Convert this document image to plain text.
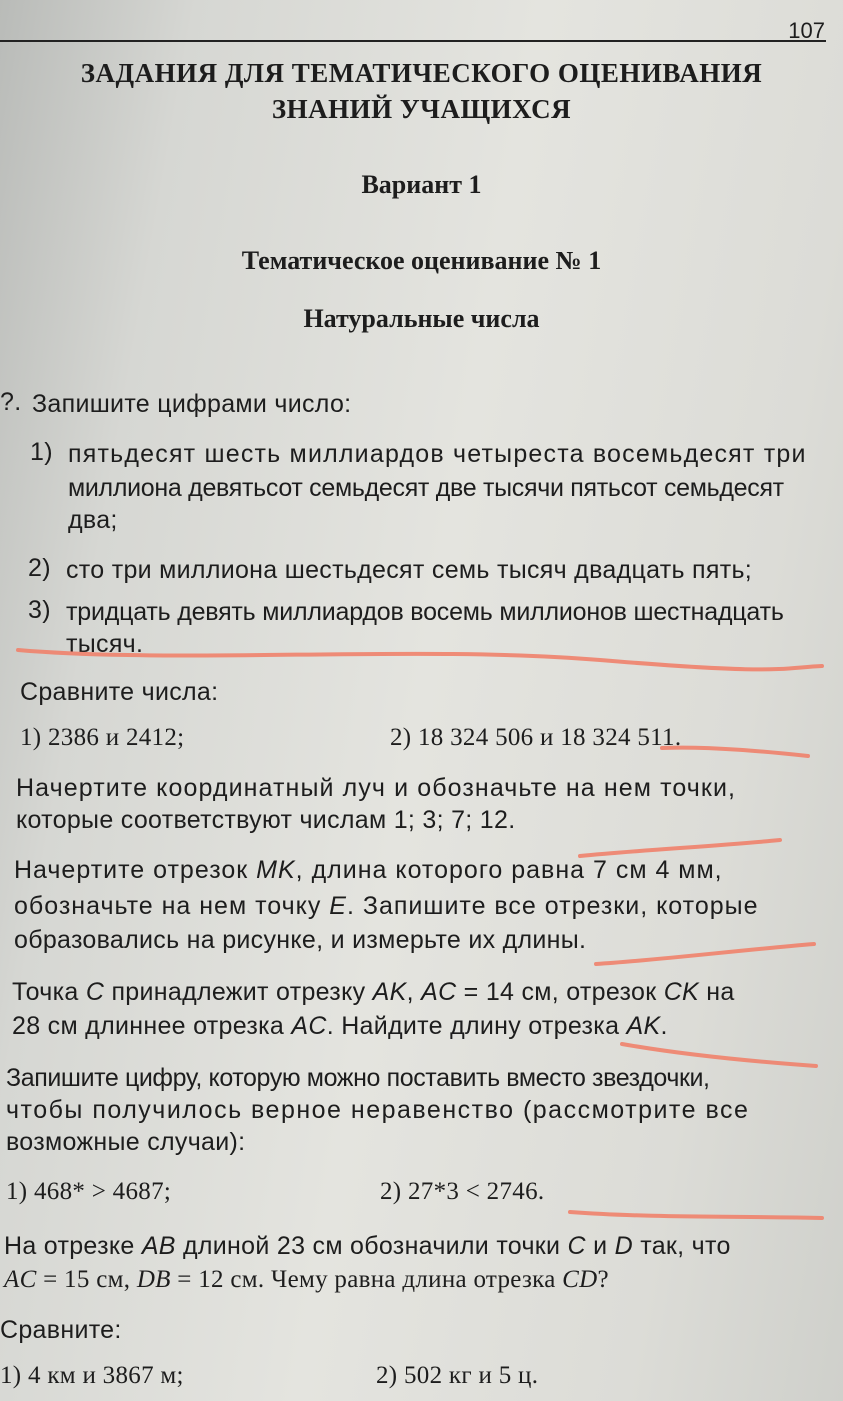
107
ЗАДАНИЯ ДЛЯ ТЕМАТИЧЕСКОГО ОЦЕНИВАНИЯ
ЗНАНИЙ УЧАЩИХСЯ
Вариант 1
Тематическое оценивание № 1
Натуральные числа
?. Запишите цифрами число:
1) пятьдесят шесть миллиардов четыреста восемьдесят три
миллиона девятьсот семьдесят две тысячи пятьсот семьдесят
два;
2) сто три миллиона шестьдесят семь тысяч двадцать пять;
3) тридцать девять миллиардов восемь миллионов шестнадцать
тысяч.
Сравните числа:
1) 2386 и 2412;	2) 18 324 506 и 18 324 511.
Начертите координатный луч и обозначьте на нем точки,
которые соответствуют числам 1; 3; 7; 12.
Начертите отрезок MK, длина которого равна 7 см 4 мм,
обозначьте на нем точку E. Запишите все отрезки, которые
образовались на рисунке, и измерьте их длины.
Точка C принадлежит отрезку AK, AC = 14 см, отрезок CK на
28 см длиннее отрезка AC. Найдите длину отрезка AK.
Запишите цифру, которую можно поставить вместо звездочки,
чтобы получилось верное неравенство (рассмотрите все
возможные случаи):
1) 468* > 4687;	2) 27*3 < 2746.
На отрезке AB длиной 23 см обозначили точки C и D так, что
AC = 15 см, DB = 12 см. Чему равна длина отрезка CD?
Сравните:
1) 4 км и 3867 м;	2) 502 кг и 5 ц.
